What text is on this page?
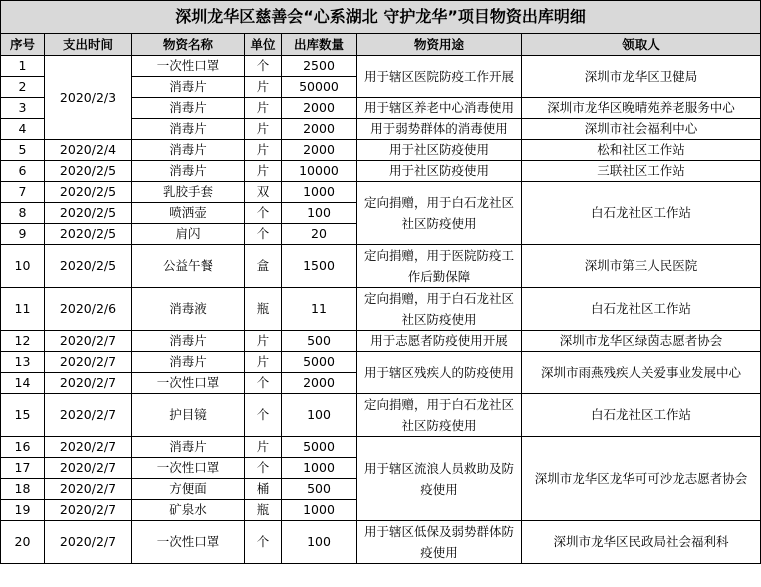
深圳龙华区慈善会“心系湖北 守护龙华”项目物资出库明细						
序号	支出时间	物资名称	单位	出库数量	物资用途	领取人
1	2020/2/3	一次性口罩	个	2500	用于辖区医院防疫工作开展	深圳市龙华区卫健局
2		消毒片	片	50000		
3		消毒片	片	2000	用于辖区养老中心消毒使用	深圳市龙华区晚晴苑养老服务中心
4		消毒片	片	2000	用于弱势群体的消毒使用	深圳市社会福利中心
5	2020/2/4	消毒片	片	2000	用于社区防疫使用	松和社区工作站
6	2020/2/5	消毒片	片	10000	用于社区防疫使用	三联社区工作站
7	2020/2/5	乳胶手套	双	1000	定向捐赠，用于白石龙社区社区防疫使用	白石龙社区工作站
8	2020/2/5	喷洒壶	个	100		
9	2020/2/5	肩闪	个	20		
10	2020/2/5	公益午餐	盒	1500	定向捐赠，用于医院防疫工作后勤保障	深圳市第三人民医院
11	2020/2/6	消毒液	瓶	11	定向捐赠，用于白石龙社区社区防疫使用	白石龙社区工作站
12	2020/2/7	消毒片	片	500	用于志愿者防疫使用开展	深圳市龙华区绿茵志愿者协会
13	2020/2/7	消毒片	片	5000	用于辖区残疾人的防疫使用	深圳市雨燕残疾人关爱事业发展中心
14	2020/2/7	一次性口罩	个	2000		
15	2020/2/7	护目镜	个	100	定向捐赠，用于白石龙社区社区防疫使用	白石龙社区工作站
16	2020/2/7	消毒片	片	5000	用于辖区流浪人员救助及防疫使用	深圳市龙华区龙华可可沙龙志愿者协会
17	2020/2/7	一次性口罩	个	1000		
18	2020/2/7	方便面	桶	500		
19	2020/2/7	矿泉水	瓶	1000		
20	2020/2/7	一次性口罩	个	100	用于辖区低保及弱势群体防疫使用	深圳市龙华区民政局社会福利科
